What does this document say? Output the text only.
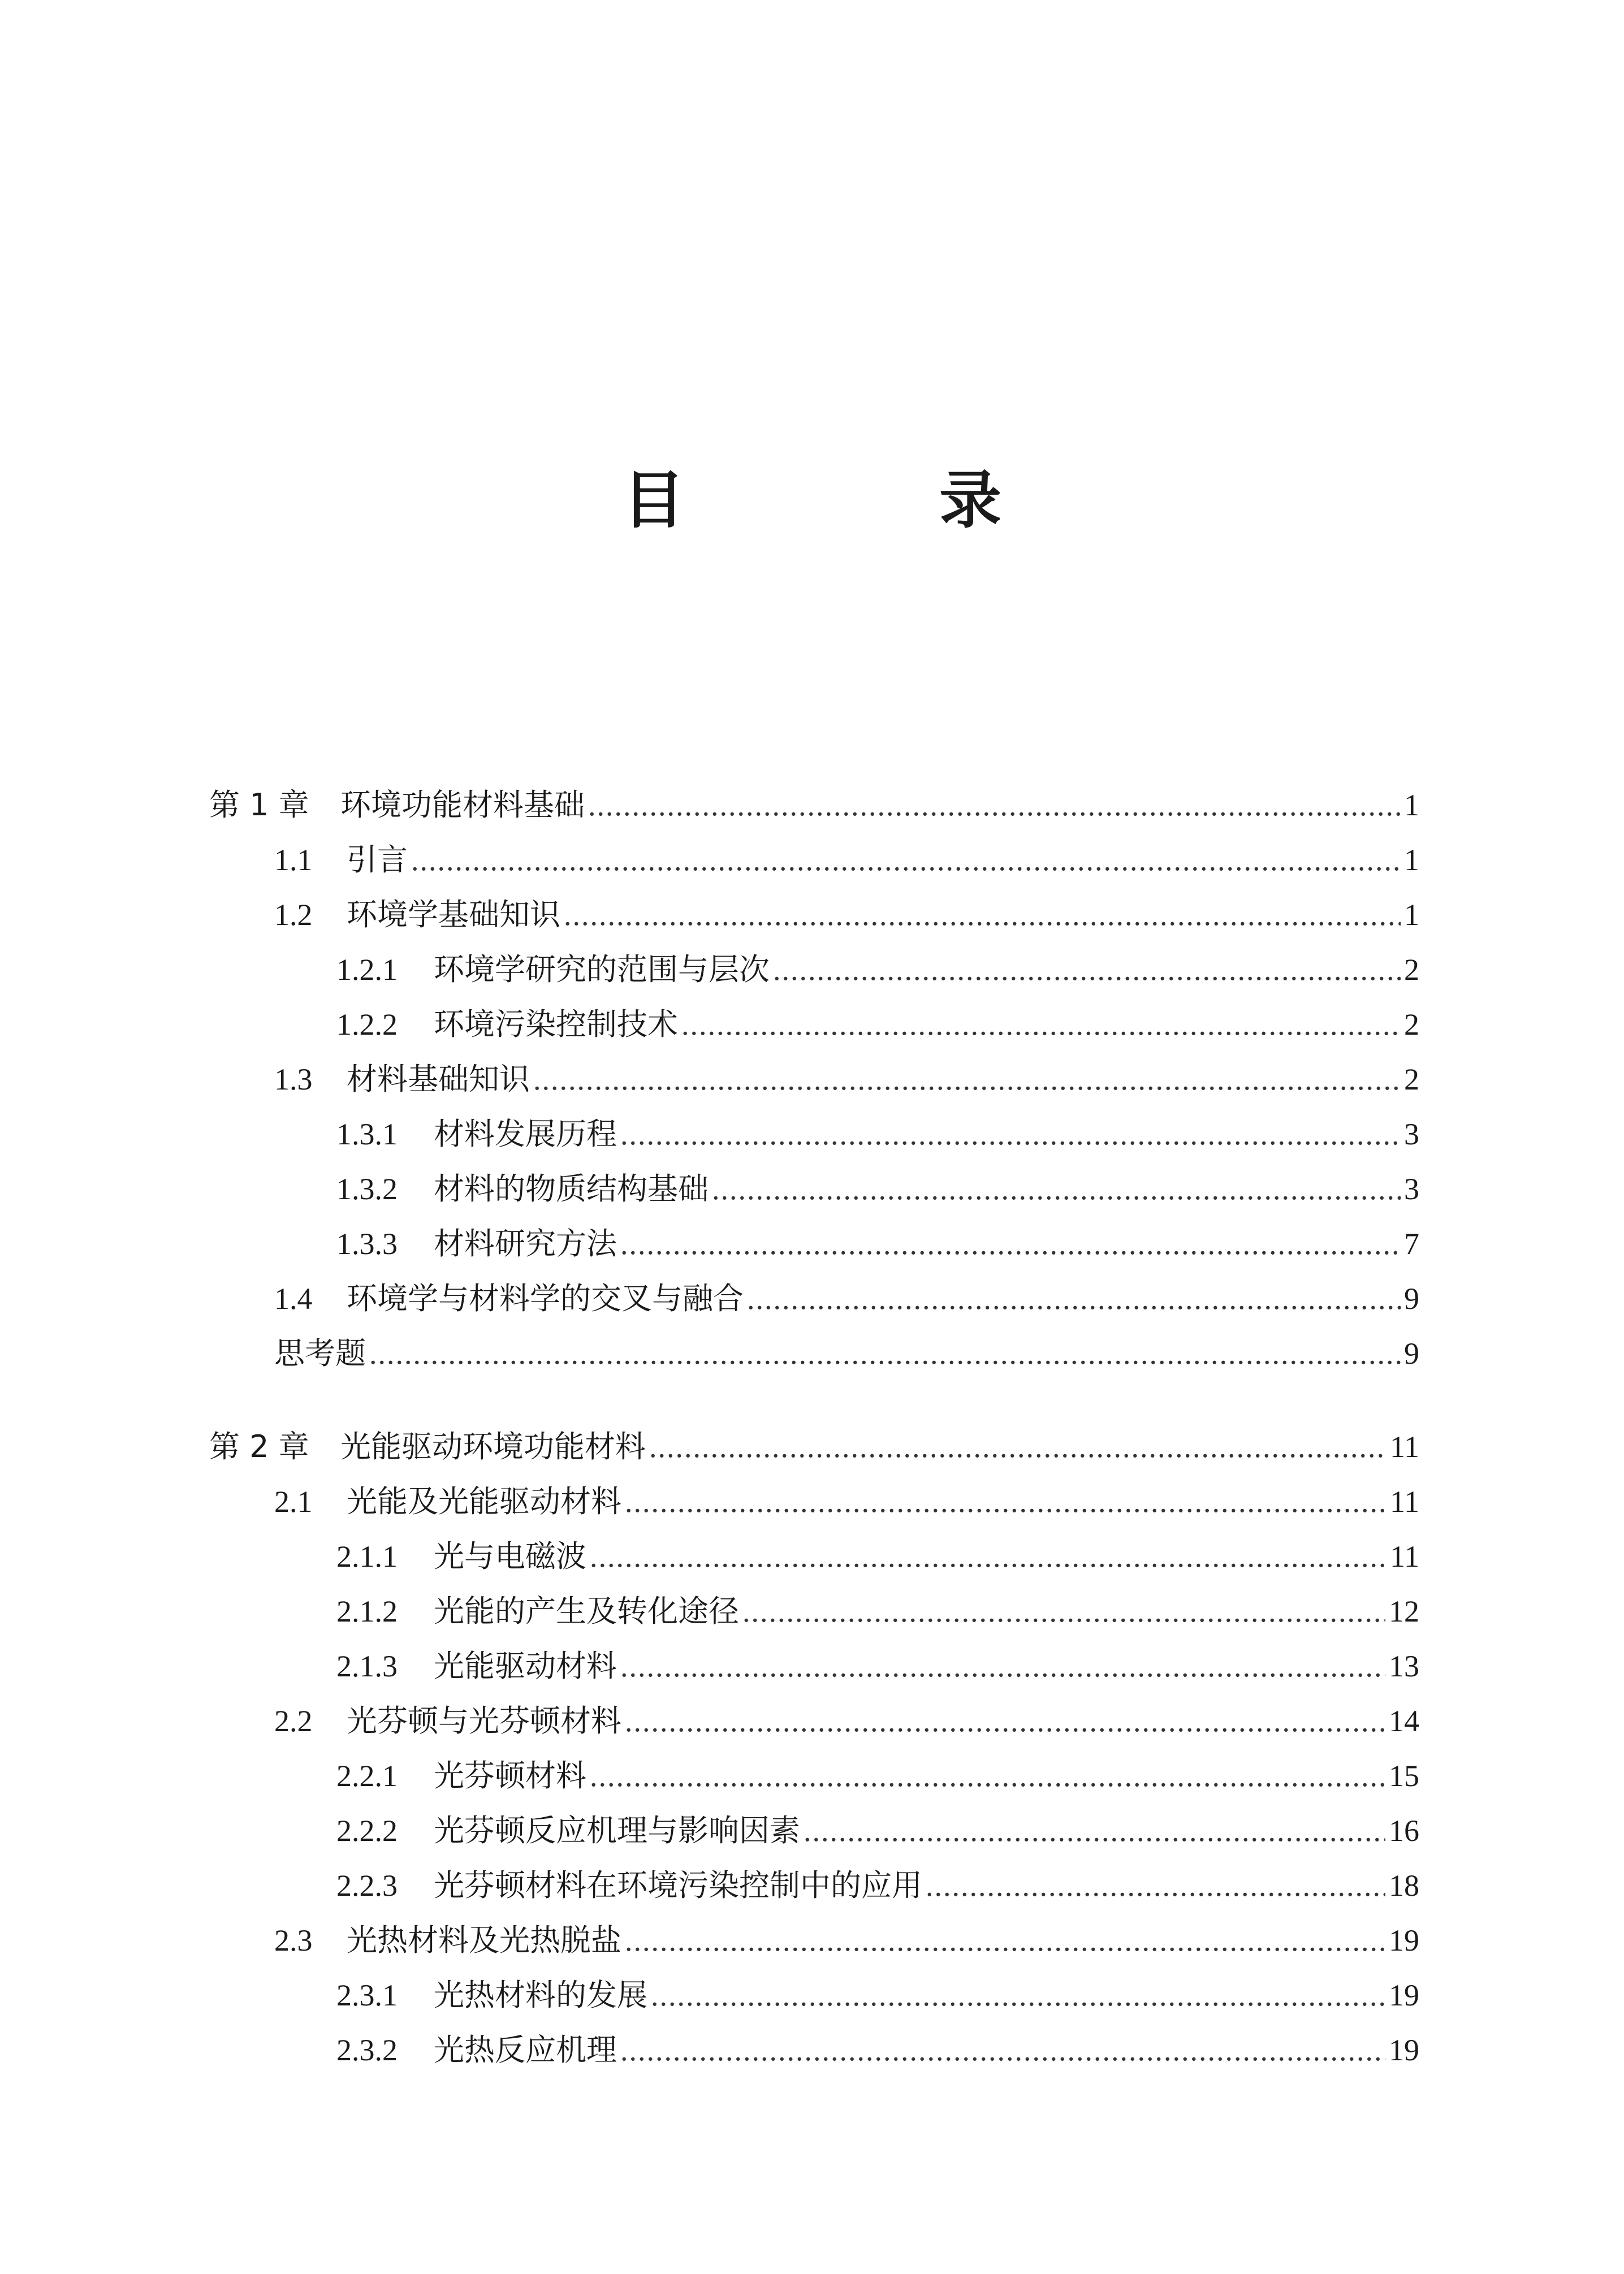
目　录
第 1 章	环境功能材料基础 .....	1
1.1	引言 .....	1
1.2	环境学基础知识 .....	1
1.2.1	环境学研究的范围与层次 .....	2
1.2.2	环境污染控制技术 .....	2
1.3	材料基础知识 .....	2
1.3.1	材料发展历程 .....	3
1.3.2	材料的物质结构基础 .....	3
1.3.3	材料研究方法 .....	7
1.4	环境学与材料学的交叉与融合 .....	9
思考题 .....	9
第 2 章	光能驱动环境功能材料 .....	11
2.1	光能及光能驱动材料 .....	11
2.1.1	光与电磁波 .....	11
2.1.2	光能的产生及转化途径 .....	12
2.1.3	光能驱动材料 .....	13
2.2	光芬顿与光芬顿材料 .....	14
2.2.1	光芬顿材料 .....	15
2.2.2	光芬顿反应机理与影响因素 .....	16
2.2.3	光芬顿材料在环境污染控制中的应用 .....	18
2.3	光热材料及光热脱盐 .....	19
2.3.1	光热材料的发展 .....	19
2.3.2	光热反应机理 .....	19
